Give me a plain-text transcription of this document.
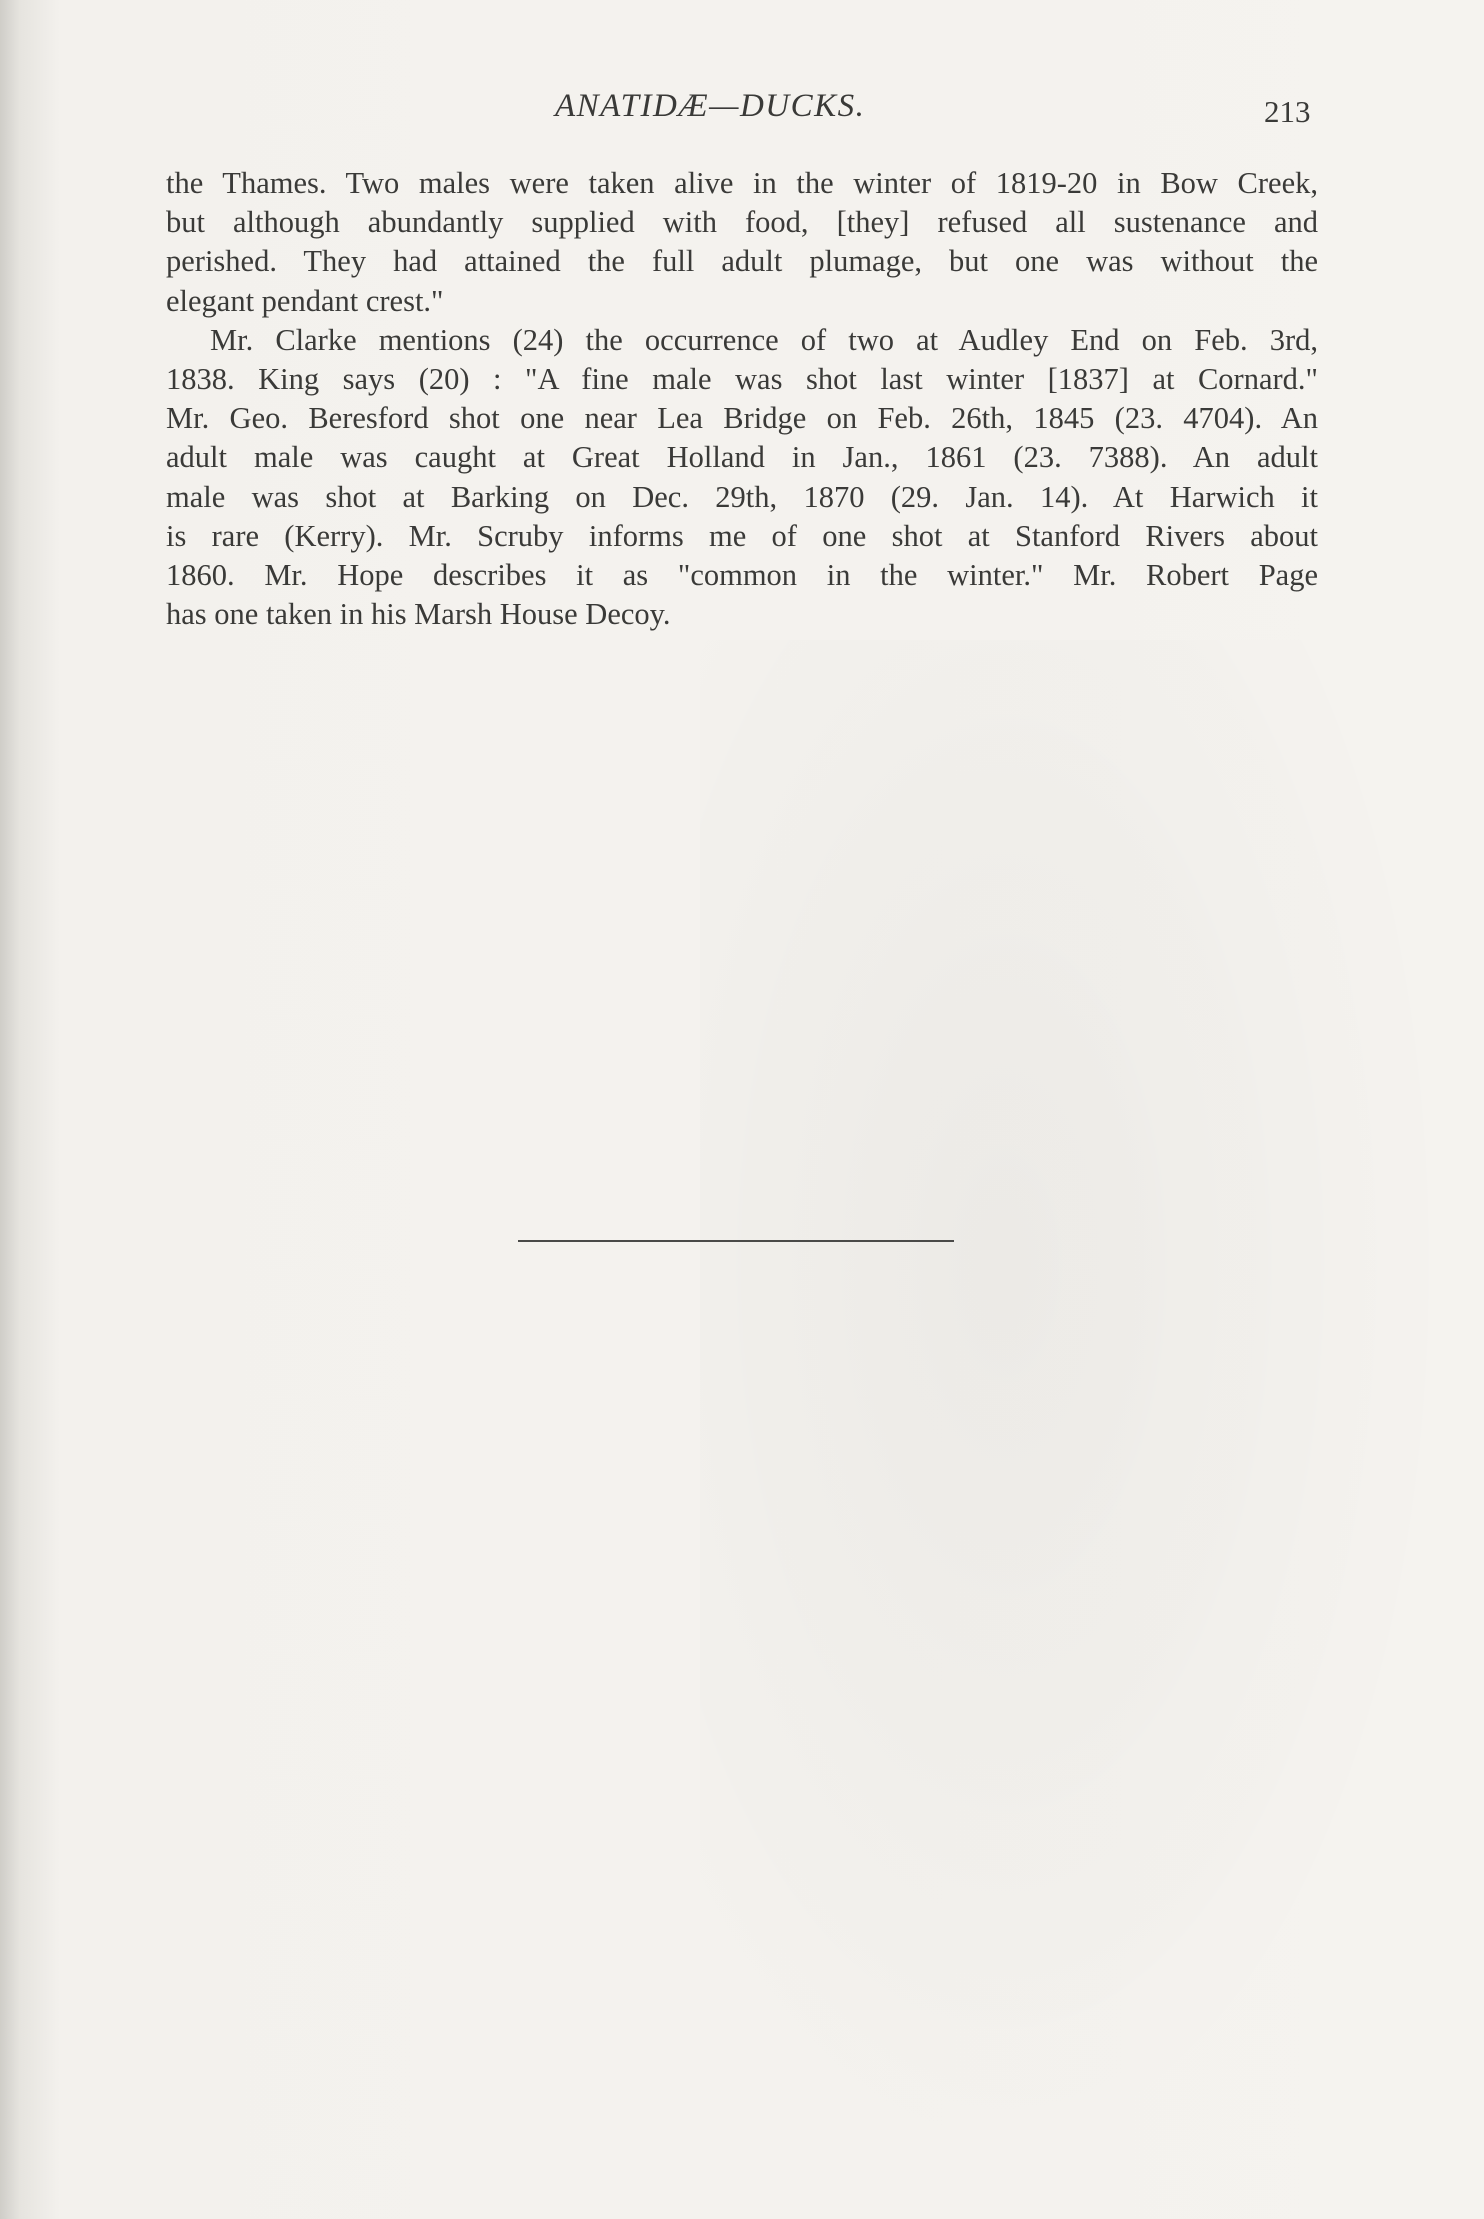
ANATIDÆ—DUCKS.	213
the Thames. Two males were taken alive in the winter of 1819-20 in Bow Creek,
but although abundantly supplied with food, [they] refused all sustenance and
perished. They had attained the full adult plumage, but one was without the
elegant pendant crest."
Mr. Clarke mentions (24) the occurrence of two at Audley End on Feb. 3rd,
1838. King says (20) : "A fine male was shot last winter [1837] at Cornard."
Mr. Geo. Beresford shot one near Lea Bridge on Feb. 26th, 1845 (23. 4704). An
adult male was caught at Great Holland in Jan., 1861 (23. 7388). An adult
male was shot at Barking on Dec. 29th, 1870 (29. Jan. 14). At Harwich it
is rare (Kerry). Mr. Scruby informs me of one shot at Stanford Rivers about
1860. Mr. Hope describes it as "common in the winter." Mr. Robert Page
has one taken in his Marsh House Decoy.
